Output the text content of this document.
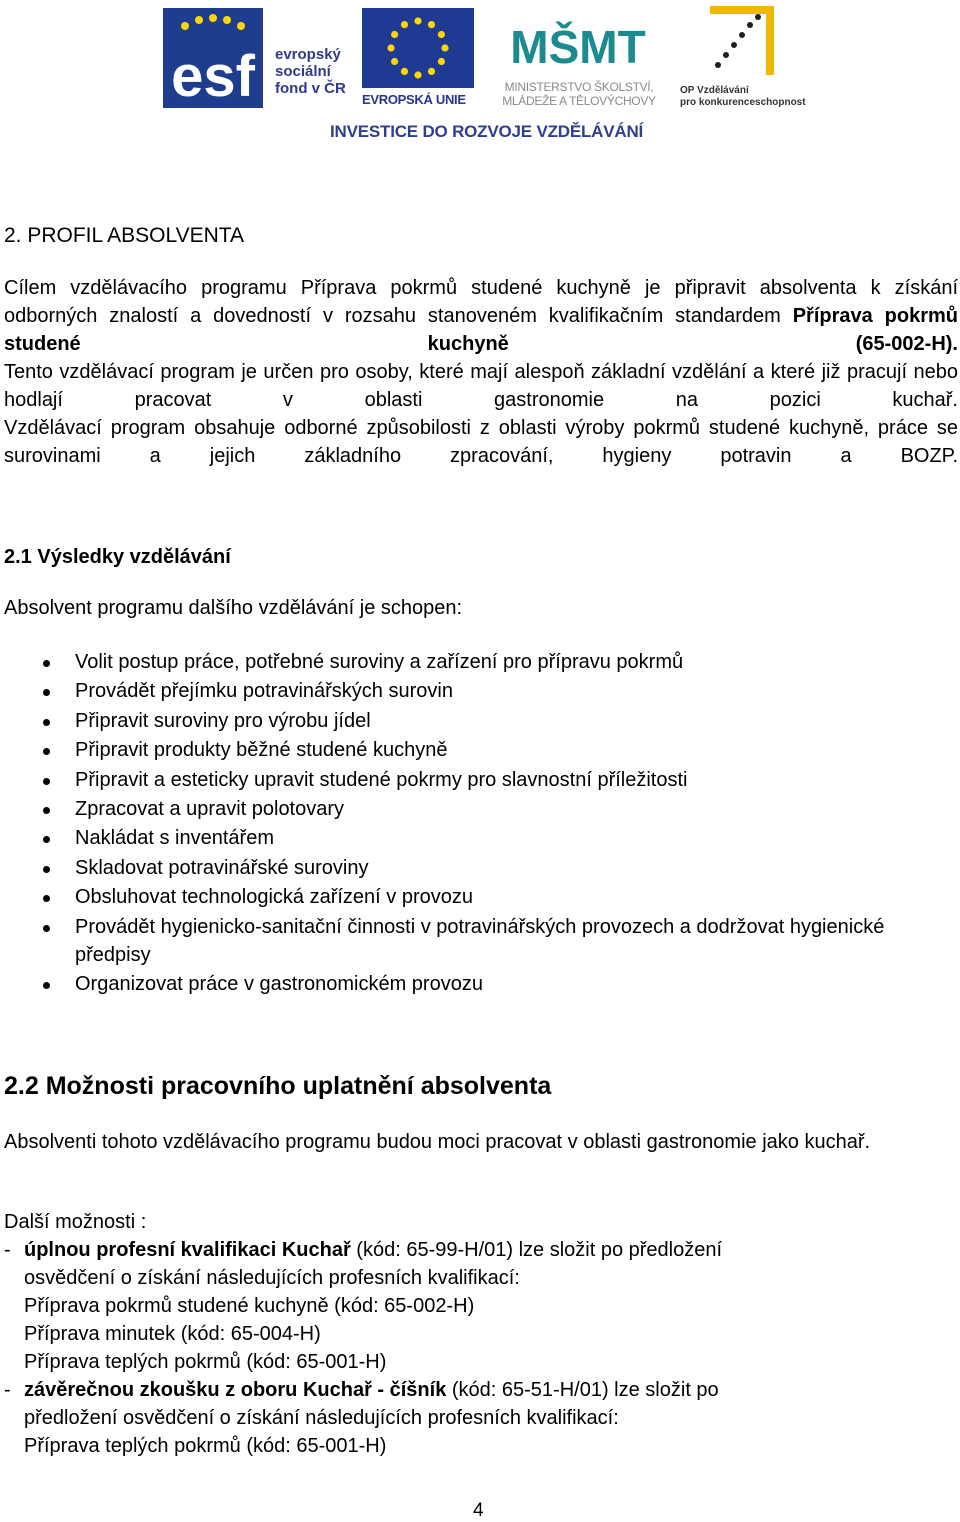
esf evropský
sociální
fond v ČR
EVROPSKÁ UNIE
MŠMT
MINISTERSTVO ŠKOLSTVÍ,
MLÁDEŽE A TĚLOVÝCHOVY
OP Vzdělávání
pro konkurenceschopnost
INVESTICE DO ROZVOJE VZDĚLÁVÁNÍ
2. PROFIL ABSOLVENTA

Cílem vzdělávacího programu Příprava pokrmů studené kuchyně je připravit absolventa k získání odborných znalostí a dovedností v rozsahu stanoveném kvalifikačním standardem Příprava pokrmů studené kuchyně (65-002-H).

Tento vzdělávací program je určen pro osoby, které mají alespoň základní vzdělání a které již pracují nebo hodlají pracovat v oblasti gastronomie na pozici kuchař.

Vzdělávací program obsahuje odborné způsobilosti z oblasti výroby pokrmů studené kuchyně, práce se surovinami a jejich základního zpracování, hygieny potravin a BOZP.

2.1 Výsledky vzdělávání

Absolvent programu dalšího vzdělávání je schopen:

Volit postup práce, potřebné suroviny a zařízení pro přípravu pokrmů
Provádět přejímku potravinářských surovin
Připravit suroviny pro výrobu jídel
Připravit produkty běžné studené kuchyně
Připravit a esteticky upravit studené pokrmy pro slavnostní příležitosti
Zpracovat a upravit polotovary
Nakládat s inventářem
Skladovat potravinářské suroviny
Obsluhovat technologická zařízení v provozu
Provádět hygienicko-sanitační činnosti v potravinářských provozech a dodržovat hygienické předpisy
Organizovat práce v gastronomickém provozu
2.2 Možnosti pracovního uplatnění absolventa

Absolventi tohoto vzdělávacího programu budou moci pracovat v oblasti gastronomie jako kuchař.

Další možnosti :

- úplnou profesní kvalifikaci Kuchař (kód: 65-99-H/01) lze složit po předložení
osvědčení o získání následujících profesních kvalifikací:
Příprava pokrmů studené kuchyně (kód: 65-002-H)
Příprava minutek (kód: 65-004-H)
Příprava teplých pokrmů (kód: 65-001-H)
- závěrečnou zkoušku z oboru Kuchař - číšník (kód: 65-51-H/01) lze složit po
předložení osvědčení o získání následujících profesních kvalifikací:
Příprava teplých pokrmů (kód: 65-001-H)
4
